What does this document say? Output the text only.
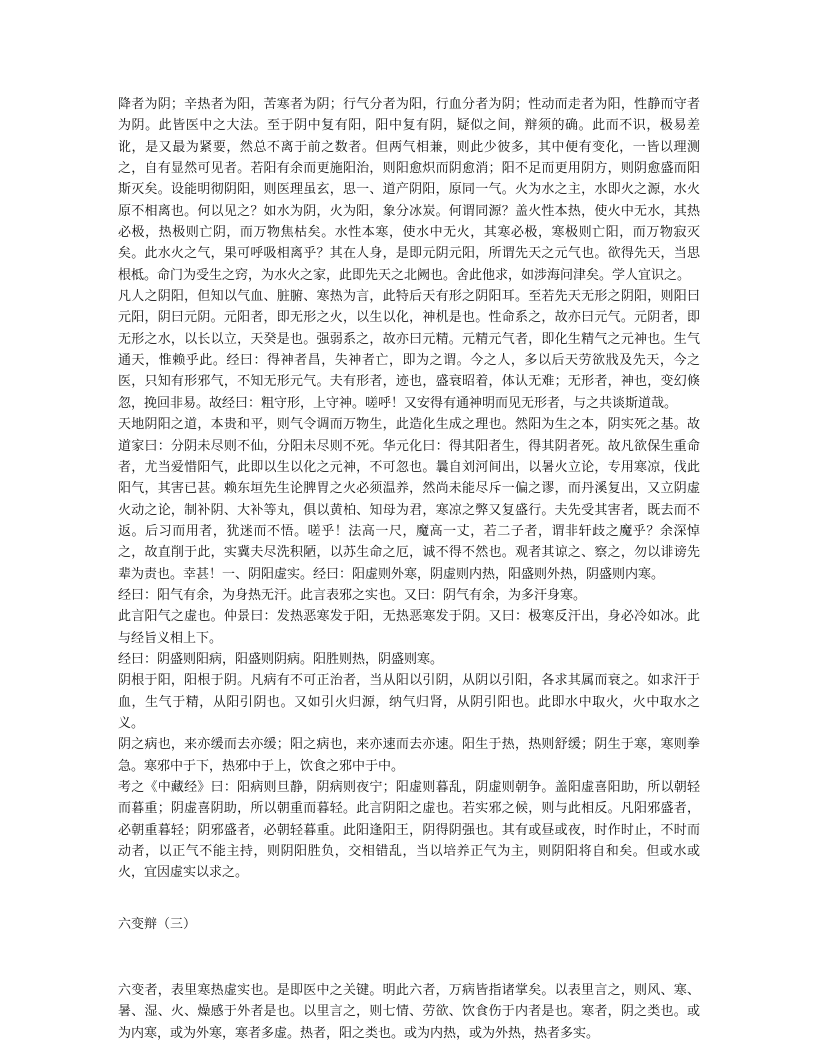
降者为阴；辛热者为阳，苦寒者为阴；行气分者为阳，行血分者为阴；性动而走者为阳，性静而守者为阴。此皆医中之大法。至于阴中复有阳，阳中复有阴，疑似之间，辩须的确。此而不识，极易差讹，是又最为紧要，然总不离于前之数者。但两气相兼，则此少彼多，其中便有变化，一皆以理测之，自有显然可见者。若阳有余而更施阳治，则阳愈炽而阴愈消；阳不足而更用阴方，则阴愈盛而阳斯灭矣。设能明彻阴阳，则医理虽玄，思一、道产阴阳，原同一气。火为水之主，水即火之源，水火原不相离也。何以见之？如水为阴，火为阳，象分冰炭。何谓同源？盖火性本热，使火中无水，其热必极，热极则亡阴，而万物焦枯矣。水性本寒，使水中无火，其寒必极，寒极则亡阳，而万物寂灭矣。此水火之气，果可呼吸相离乎？其在人身，是即元阴元阳，所谓先天之元气也。欲得先天，当思根柢。命门为受生之窍，为水火之家，此即先天之北阙也。舍此他求，如涉海问津矣。学人宜识之。

凡人之阴阳，但知以气血、脏腑、寒热为言，此特后天有形之阴阳耳。至若先天无形之阴阳，则阳曰元阳，阴曰元阴。元阳者，即无形之火，以生以化，神机是也。性命系之，故亦曰元气。元阴者，即无形之水，以长以立，天癸是也。强弱系之，故亦曰元精。元精元气者，即化生精气之元神也。生气通天，惟赖乎此。经曰：得神者昌，失神者亡，即为之谓。今之人，多以后天劳欲戕及先天，今之医，只知有形邪气，不知无形元气。夫有形者，迹也，盛衰昭着，体认无难；无形者，神也，变幻倏忽，挽回非易。故经曰：粗守形，上守神。嗟呼！又安得有通神明而见无形者，与之共谈斯道哉。

天地阴阳之道，本贵和平，则气令调而万物生，此造化生成之理也。然阳为生之本，阴实死之基。故道家曰：分阴未尽则不仙，分阳未尽则不死。华元化曰：得其阳者生，得其阴者死。故凡欲保生重命者，尤当爱惜阳气，此即以生以化之元神，不可忽也。曩自刘河间出，以暑火立论，专用寒凉，伐此阳气，其害已甚。赖东垣先生论脾胃之火必须温养，然尚未能尽斥一偏之谬，而丹溪复出，又立阴虚火动之论，制补阴、大补等丸，俱以黄柏、知母为君，寒凉之弊又复盛行。夫先受其害者，既去而不返。后习而用者，犹迷而不悟。嗟乎！法高一尺，魔高一丈，若二子者，谓非轩歧之魔乎？余深悼之，故直削于此，实冀夫尽洗积陋，以苏生命之厄，诚不得不然也。观者其谅之、察之，勿以诽谤先辈为责也。幸甚！一、阴阳虚实。经曰：阳虚则外寒，阴虚则内热，阳盛则外热，阴盛则内寒。

经曰：阳气有余，为身热无汗。此言表邪之实也。又曰：阴气有余，为多汗身寒。

此言阳气之虚也。仲景曰：发热恶寒发于阳，无热恶寒发于阴。又曰：极寒反汗出，身必冷如冰。此与经旨义相上下。

经曰：阴盛则阳病，阳盛则阴病。阳胜则热，阴盛则寒。

阴根于阳，阳根于阴。凡病有不可正治者，当从阳以引阴，从阴以引阳，各求其属而衰之。如求汗于血，生气于精，从阳引阴也。又如引火归源，纳气归肾，从阴引阳也。此即水中取火，火中取水之义。

阴之病也，来亦缓而去亦缓；阳之病也，来亦速而去亦速。阳生于热，热则舒缓；阴生于寒，寒则拳急。寒邪中于下，热邪中于上，饮食之邪中于中。

考之《中藏经》曰：阳病则旦静，阴病则夜宁；阳虚则暮乱，阴虚则朝争。盖阳虚喜阳助，所以朝轻而暮重；阴虚喜阴助，所以朝重而暮轻。此言阴阳之虚也。若实邪之候，则与此相反。凡阳邪盛者，必朝重暮轻；阴邪盛者，必朝轻暮重。此阳逢阳王，阴得阴强也。其有或昼或夜，时作时止，不时而动者，以正气不能主持，则阴阳胜负，交相错乱，当以培养正气为主，则阴阳将自和矣。但或水或火，宜因虚实以求之。

六变辩（三）

六变者，表里寒热虚实也。是即医中之关键。明此六者，万病皆指诸掌矣。以表里言之，则风、寒、暑、湿、火、燥感于外者是也。以里言之，则七情、劳欲、饮食伤于内者是也。寒者，阴之类也。或为内寒，或为外寒，寒者多虚。热者，阳之类也。或为内热，或为外热，热者多实。
